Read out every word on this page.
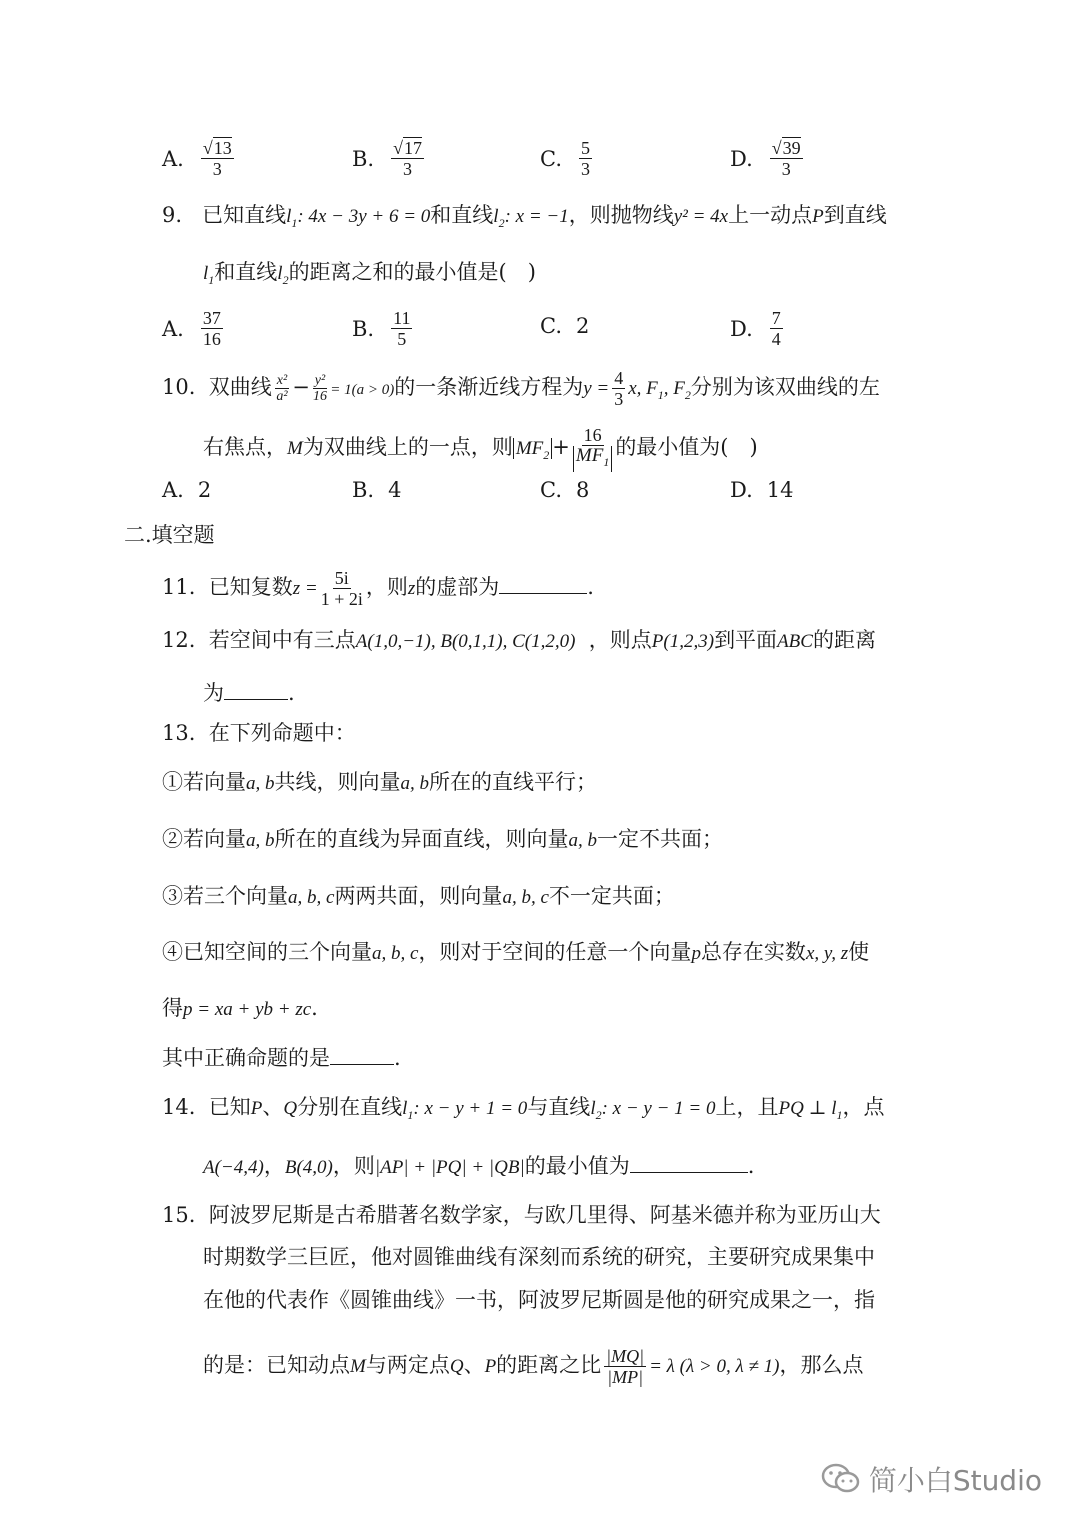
A. $\frac{√13}{3}$	B. $\frac{√17}{3}$	C. $\frac{5}{3}$	D. $\frac{√39}{3}$
9. 已知直线$l_1$: 4x − 3y + 6 = 0和直线$l_2$: x = −1，则抛物线y² = 4x上一动点P到直线
$l_1$和直线$l_2$的距离之和的最小值是(　)
A. $\frac{37}{16}$	B. $\frac{11}{5}$	C. 2	D. $\frac{7}{4}$
10. 双曲线 $\frac{\text{x²}}{\text{a²}} - \frac{\text{y²}}{16} = 1(a > 0)$的一条渐近线方程为$y = \frac{4}{3} x$, $F_1$, $F_2$分别为该双曲线的左
右焦点，M为双曲线上的一点，则 $MF_2 + \frac{16}{MF_1}$ 的最小值为(　)
A. 2	B. 4	C. 8	D. 14
二.填空题
11. 已知复数$z = \frac{5i}{1 + 2i}$ ，则z的虚部为	.
12. 若空间中有三点A(1,0,−1), B(0,1,1), C(1,2,0) ，则点P(1,2,3)到平面ABC的距离
为	.
13. 在下列命题中：
①若向量a, b共线，则向量a, b所在的直线平行；
②若向量a, b所在的直线为异面直线，则向量a, b一定不共面；
③若三个向量a, b, c两两共面，则向量a, b, c不一定共面；
④已知空间的三个向量a, b, c，则对于空间的任意一个向量p总存在实数x, y, z使
得p = xa + yb + zc.
其中正确命题的是	.
14. 已知P、Q分别在直线$l_1$: x − y + 1 = 0与直线$l_2$: x − y − 1 = 0上，且PQ ⊥ $l_1$，点
A(−4,4)，B(4,0)，则|AP| + |PQ| + |QB|的最小值为	.
15. 阿波罗尼斯是古希腊著名数学家，与欧几里得、阿基米德并称为亚历山大
时期数学三巨匠，他对圆锥曲线有深刻而系统的研究，主要研究成果集中
在他的代表作《圆锥曲线》一书，阿波罗尼斯圆是他的研究成果之一，指
的是：已知动点M与两定点Q、P的距离之比 $\frac{|MQ|}{|MP|} = \lambda$ (λ > 0, λ ≠ 1)，那么点
简小白Studio
